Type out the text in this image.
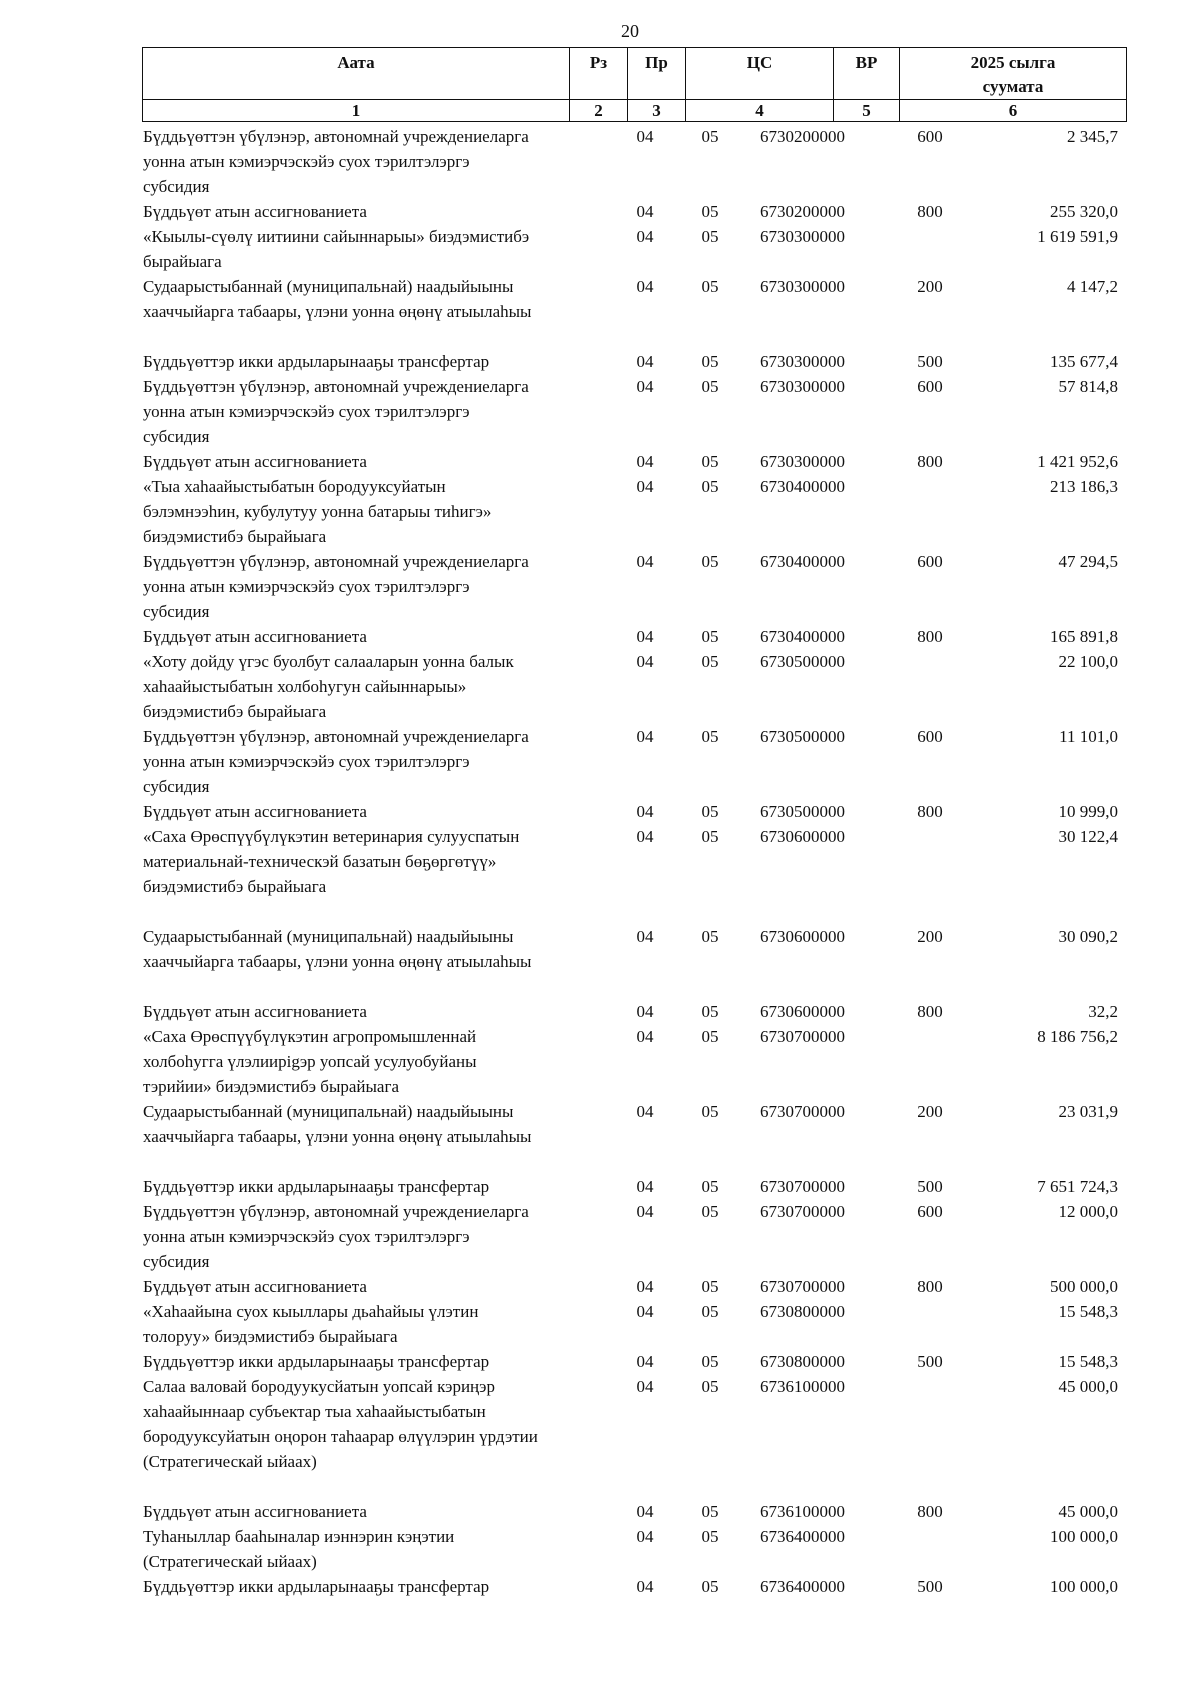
20
Аата	Рз	Пр	ЦС	ВР	2025 сылга
суумата

1	2	3	4	5	6
Бүддьүөттэн үбүлэнэр, автономнай учреждениеларга
уонна атын кэмиэрчэскэйэ суох тэрилтэлэргэ
субсидия
04	05	6730200000	600	2 345,7
Бүддьүөт атын ассигнованиета	04	05	6730200000	800	255 320,0
«Кыылы-сүөлү иитиини сайыннарыы» биэдэмистибэ
бырайыага
04	05	6730300000	1 619 591,9
Судаарыстыбаннай (муниципальнай) наадыйыыны
хааччыйарга табаары, үлэни уонна өңөнү атыылаһыы
04	05	6730300000	200	4 147,2
Бүддьүөттэр икки ардыларынааҕы трансфертар	04	05	6730300000	500	135 677,4
Бүддьүөттэн үбүлэнэр, автономнай учреждениеларга
уонна атын кэмиэрчэскэйэ суох тэрилтэлэргэ
субсидия
04	05	6730300000	600	57 814,8
Бүддьүөт атын ассигнованиета	04	05	6730300000	800	1 421 952,6
«Тыа хаһаайыстыбатын бородууксуйатын
бэлэмнээһин, кубулутуу уонна батарыы тиһигэ»
биэдэмистибэ бырайыага
04	05	6730400000	213 186,3
Бүддьүөттэн үбүлэнэр, автономнай учреждениеларга
уонна атын кэмиэрчэскэйэ суох тэрилтэлэргэ
субсидия
04	05	6730400000	600	47 294,5
Бүддьүөт атын ассигнованиета	04	05	6730400000	800	165 891,8
«Хоту дойду үгэс буолбут салааларын уонна балык
хаһаайыстыбатын холбоһугун сайыннарыы»
биэдэмистибэ бырайыага
04	05	6730500000	22 100,0
Бүддьүөттэн үбүлэнэр, автономнай учреждениеларга
уонна атын кэмиэрчэскэйэ суох тэрилтэлэргэ
субсидия
04	05	6730500000	600	11 101,0
Бүддьүөт атын ассигнованиета	04	05	6730500000	800	10 999,0
«Саха Өрөспүүбүлүкэтин ветеринария сулууспатын
материальнай-техническэй базатын бөҕөргөтүү»
биэдэмистибэ бырайыага
04	05	6730600000	30 122,4
Судаарыстыбаннай (муниципальнай) наадыйыыны
хааччыйарга табаары, үлэни уонна өңөнү атыылаһыы
04	05	6730600000	200	30 090,2
Бүддьүөт атын ассигнованиета	04	05	6730600000	800	32,2
«Саха Өрөспүүбүлүкэтин агропромышленнай
холбоһугга үлэлиирigэр уопсай усулуобуйаны
тэрийии» биэдэмистибэ бырайыага
04	05	6730700000	8 186 756,2
Судаарыстыбаннай (муниципальнай) наадыйыыны
хааччыйарга табаары, үлэни уонна өңөнү атыылаһыы
04	05	6730700000	200	23 031,9
Бүддьүөттэр икки ардыларынааҕы трансфертар	04	05	6730700000	500	7 651 724,3
Бүддьүөттэн үбүлэнэр, автономнай учреждениеларга
уонна атын кэмиэрчэскэйэ суох тэрилтэлэргэ
субсидия
04	05	6730700000	600	12 000,0
Бүддьүөт атын ассигнованиета	04	05	6730700000	800	500 000,0
«Хаһаайына суох кыыллары дьаһайыы үлэтин
тoлоруу» биэдэмистибэ бырайыага
04	05	6730800000	15 548,3
Бүддьүөттэр икки ардыларынааҕы трансфертар	04	05	6730800000	500	15 548,3
Салаа валовай бородуукусйатын уопсай кэриңэр
хаһаайыннаар субъектар тыа хаһаайыстыбатын
бородууксуйатын оңорон таһаарар өлүүлэрин үрдэтии
(Стратегическай ыйаах)
04	05	6736100000	45 000,0
Бүддьүөт атын ассигнованиета	04	05	6736100000	800	45 000,0
Туһаныллар бааһыналар иэннэрин кэңэтии
(Стратегическай ыйаах)
04	05	6736400000	100 000,0
Бүддьүөттэр икки ардыларынааҕы трансфертар	04	05	6736400000	500	100 000,0
